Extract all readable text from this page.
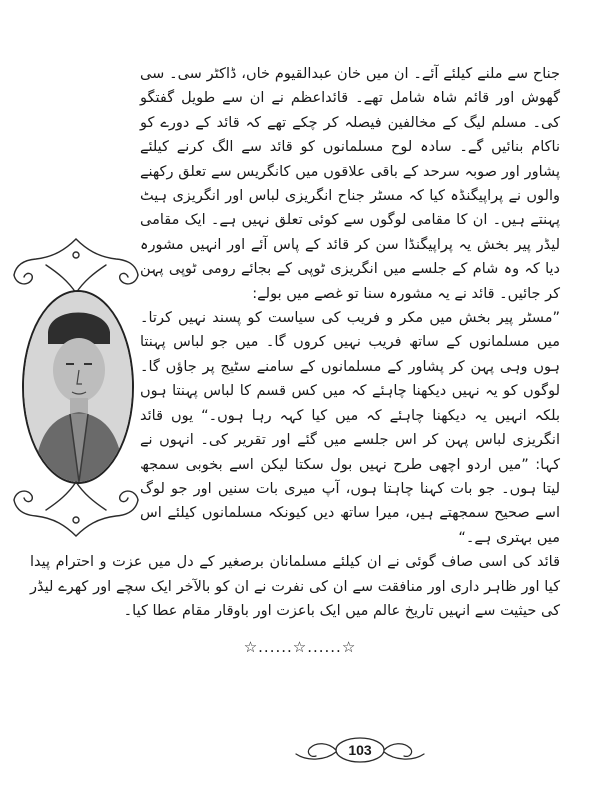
جناح سے ملنے کیلئے آئے۔ ان میں خان عبدالقیوم خاں، ڈاکٹر سی۔ سی گھوش اور قائم شاہ شامل تھے۔ قائداعظم نے ان سے طویل گفتگو کی۔ مسلم لیگ کے مخالفین فیصلہ کر چکے تھے کہ قائد کے دورے کو ناکام بنائیں گے۔ سادہ لوح مسلمانوں کو قائد سے الگ کرنے کیلئے پشاور اور صوبہ سرحد کے باقی علاقوں میں کانگریس سے تعلق رکھنے والوں نے پراپیگنڈہ کیا کہ مسٹر جناح انگریزی لباس اور انگریزی ہیٹ پہنتے ہیں۔ ان کا مقامی لوگوں سے کوئی تعلق نہیں ہے۔ ایک مقامی لیڈر پیر بخش یہ پراپیگنڈا سن کر قائد کے پاس آئے اور انہیں مشورہ دیا کہ وہ شام کے جلسے میں انگریزی ٹوپی کے بجائے رومی ٹوپی پہن کر جائیں۔ قائد نے یہ مشورہ سنا تو غصے میں بولے:

”مسٹر پیر بخش میں مکر و فریب کی سیاست کو پسند نہیں کرتا۔ میں مسلمانوں کے ساتھ فریب نہیں کروں گا۔ میں جو لباس پہنتا ہوں وہی پہن کر پشاور کے مسلمانوں کے سامنے سٹیج پر جاؤں گا۔ لوگوں کو یہ نہیں دیکھنا چاہئے کہ میں کس قسم کا لباس پہنتا ہوں بلکہ انہیں یہ دیکھنا چاہئے کہ میں کیا کہہ رہا ہوں۔“ یوں قائد انگریزی لباس پہن کر اس جلسے میں گئے اور تقریر کی۔ انہوں نے کہا: ”میں اردو اچھی طرح نہیں بول سکتا لیکن اسے بخوبی سمجھ لیتا ہوں۔ جو بات کہنا چاہتا ہوں، آپ میری بات سنیں اور جو لوگ اسے صحیح سمجھتے ہیں، میرا ساتھ دیں کیونکہ مسلمانوں کیلئے اس میں بہتری ہے۔“

قائد کی اسی صاف گوئی نے ان کیلئے مسلمانان برصغیر کے دل میں عزت و احترام پیدا کیا اور ظاہر داری اور منافقت سے ان کی نفرت نے ان کو بالآخر ایک سچے اور کھرے لیڈر کی حیثیت سے انہیں تاریخ عالم میں ایک باعزت اور باوقار مقام عطا کیا۔

☆......☆......☆
103
